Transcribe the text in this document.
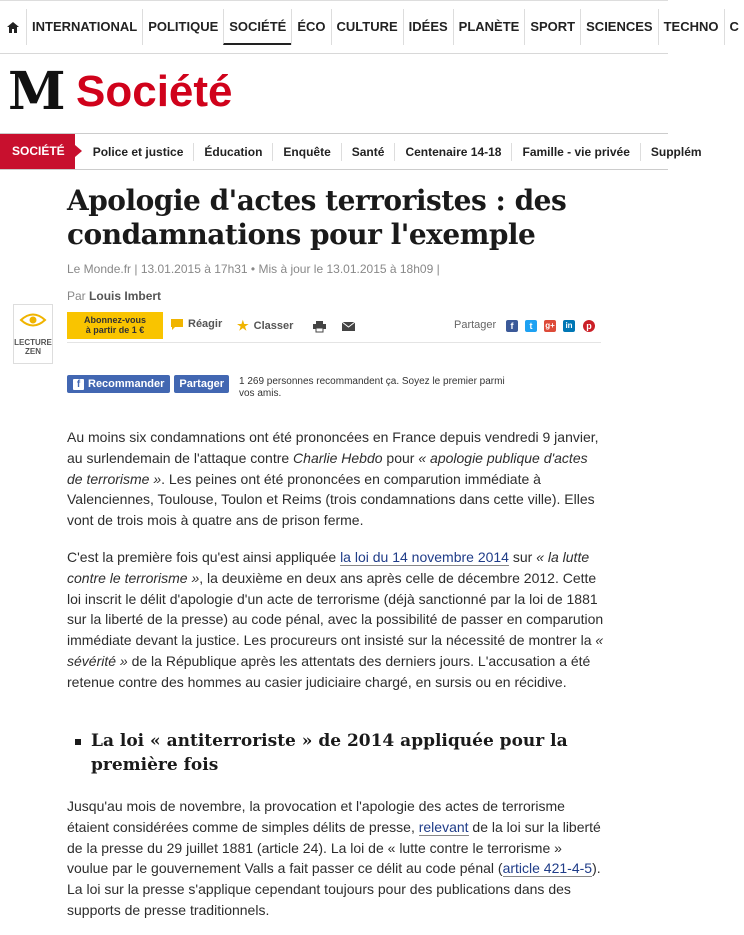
INTERNATIONAL POLITIQUE SOCIÉTÉ ÉCO CULTURE IDÉES PLANÈTE SPORT SCIENCES TECHNO C
M Société
SOCIÉTÉ	Police et justice	Éducation	Enquête	Santé	Centenaire 14-18	Famille - vie privée	Supplém
Apologie d'actes terroristes : des condamnations pour l'exemple
Le Monde.fr | 13.01.2015 à 17h31 • Mis à jour le 13.01.2015 à 18h09 |
Par Louis Imbert
LECTURE
ZEN
Abonnez-vous
à partir de 1 €	Réagir ★ Classer	Partager	f	t	g+	in	p
f Recommander	Partager	1 269 personnes recommandent ça. Soyez le premier parmi vos amis.

Au moins six condamnations ont été prononcées en France depuis vendredi 9 janvier, au surlendemain de l'attaque contre Charlie Hebdo pour « apologie publique d'actes de terrorisme ». Les peines ont été prononcées en comparution immédiate à Valenciennes, Toulouse, Toulon et Reims (trois condamnations dans cette ville). Elles vont de trois mois à quatre ans de prison ferme.

C'est la première fois qu'est ainsi appliquée la loi du 14 novembre 2014 sur « la lutte contre le terrorisme », la deuxième en deux ans après celle de décembre 2012. Cette loi inscrit le délit d'apologie d'un acte de terrorisme (déjà sanctionné par la loi de 1881 sur la liberté de la presse) au code pénal, avec la possibilité de passer en comparution immédiate devant la justice. Les procureurs ont insisté sur la nécessité de montrer la « sévérité » de la République après les attentats des derniers jours. L'accusation a été retenue contre des hommes au casier judiciaire chargé, en sursis ou en récidive.

La loi « antiterroriste » de 2014 appliquée pour la première fois

Jusqu'au mois de novembre, la provocation et l'apologie des actes de terrorisme étaient considérées comme de simples délits de presse, relevant de la loi sur la liberté de la presse du 29 juillet 1881 (article 24). La loi de « lutte contre le terrorisme » voulue par le gouvernement Valls a fait passer ce délit au code pénal (article 421-4-5). La loi sur la presse s'applique cependant toujours pour des publications dans des supports de presse traditionnels.
